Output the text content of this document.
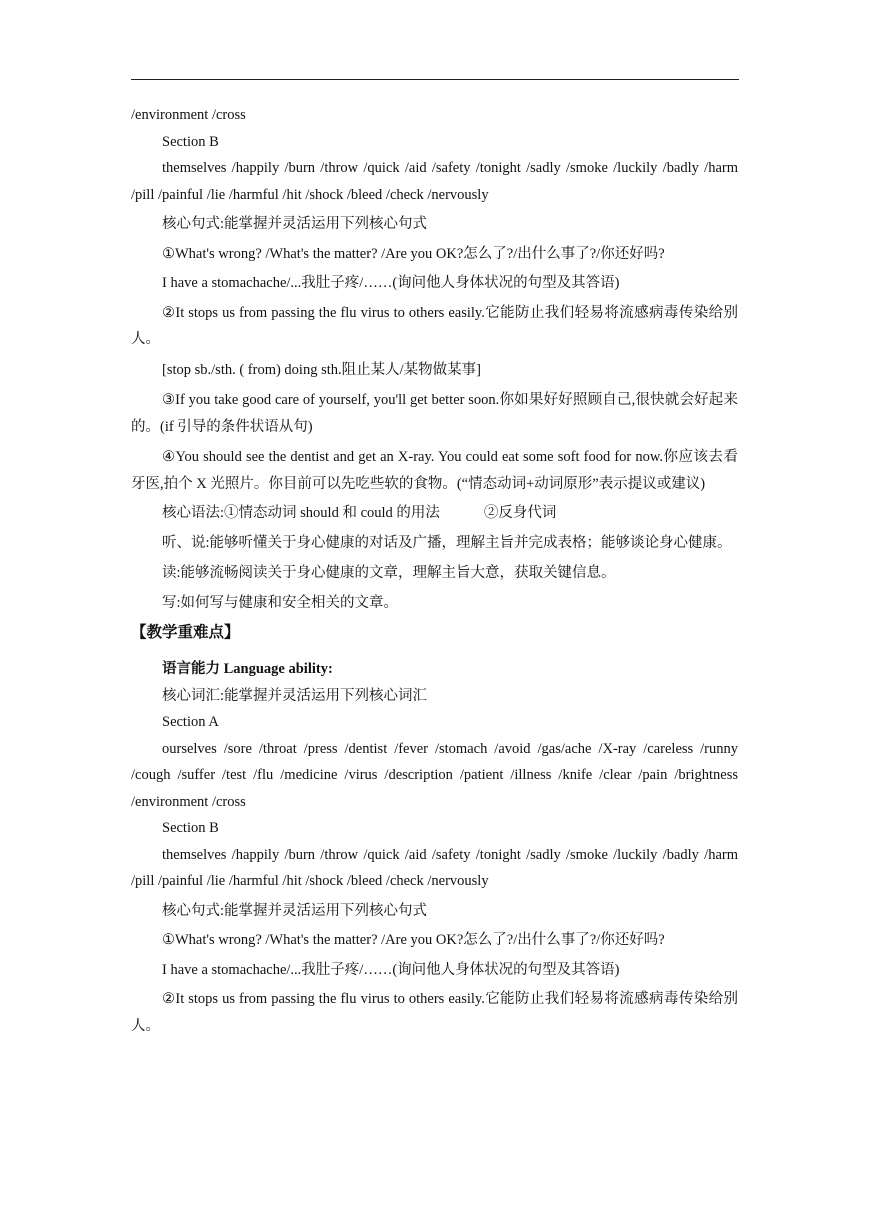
/environment /cross

Section B

themselves /happily /burn /throw /quick /aid /safety /tonight /sadly /smoke /luckily /badly /harm /pill /painful /lie /harmful /hit /shock /bleed /check /nervously

核心句式:能掌握并灵活运用下列核心句式

①What's wrong? /What's the matter? /Are you OK?怎么了?/出什么事了?/你还好吗?

I have a stomachache/...我肚子疼/……(询问他人身体状况的句型及其答语)

②It stops us from passing the flu virus to others easily.它能防止我们轻易将流感病毒传染给别人。

[stop sb./sth. ( from) doing sth.阻止某人/某物做某事]

③If you take good care of yourself, you'll get better soon.你如果好好照顾自己,很快就会好起来的。(if 引导的条件状语从句)

④You should see the dentist and get an X-ray. You could eat some soft food for now.你应该去看牙医,拍个 X 光照片。你目前可以先吃些软的食物。(“情态动词+动词原形”表示提议或建议)

核心语法:①情态动词 should 和 could 的用法	②反身代词

听、说:能够听懂关于身心健康的对话及广播，理解主旨并完成表格；能够谈论身心健康。

读:能够流畅阅读关于身心健康的文章，理解主旨大意，获取关键信息。

写:如何写与健康和安全相关的文章。

【教学重难点】

语言能力 Language ability:

核心词汇:能掌握并灵活运用下列核心词汇

Section A

ourselves /sore /throat /press /dentist /fever /stomach /avoid /gas/ache /X-ray /careless /runny /cough /suffer /test /flu /medicine /virus /description /patient /illness /knife /clear /pain /brightness /environment /cross

Section B

themselves /happily /burn /throw /quick /aid /safety /tonight /sadly /smoke /luckily /badly /harm /pill /painful /lie /harmful /hit /shock /bleed /check /nervously

核心句式:能掌握并灵活运用下列核心句式

①What's wrong? /What's the matter? /Are you OK?怎么了?/出什么事了?/你还好吗?

I have a stomachache/...我肚子疼/……(询问他人身体状况的句型及其答语)

②It stops us from passing the flu virus to others easily.它能防止我们轻易将流感病毒传染给别人。
